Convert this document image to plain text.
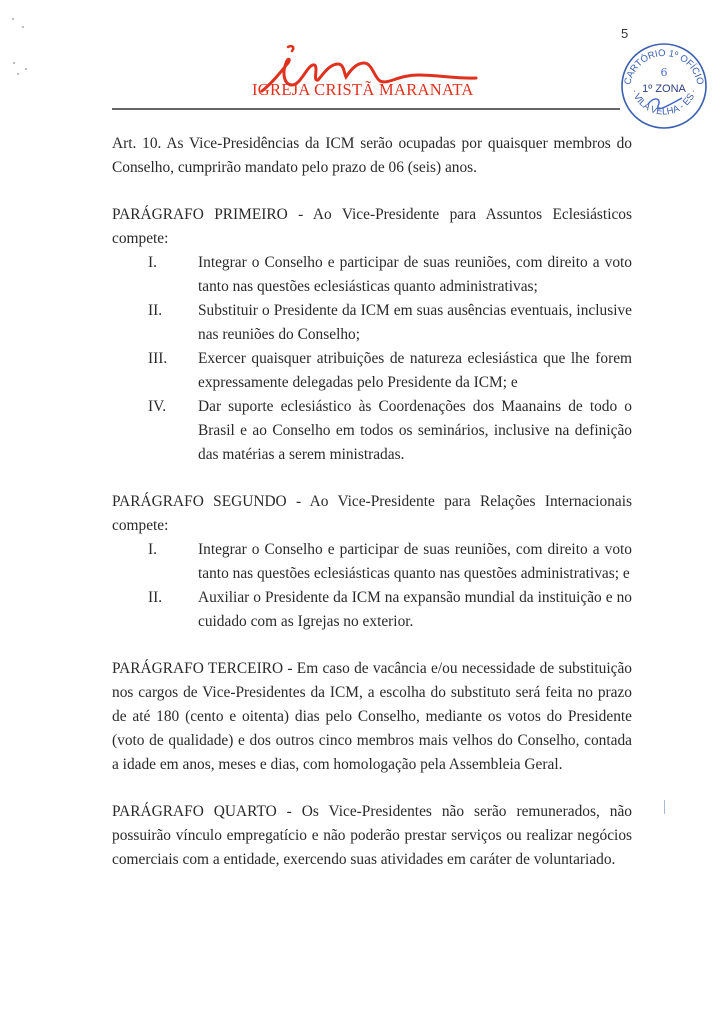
5
IGREJA CRISTÃ MARANATA	CARTÓRIO 1º OFÍCIO
· VILA VELHA - ES ·
1º ZONA
6

Art. 10. As Vice-Presidências da ICM serão ocupadas por quaisquer membros do Conselho, cumprirão mandato pelo prazo de 06 (seis) anos.

PARÁGRAFO PRIMEIRO - Ao Vice-Presidente para Assuntos Eclesiásticos compete:

I.	Integrar o Conselho e participar de suas reuniões, com direito a voto tanto nas questões eclesiásticas quanto administrativas;
II.	Substituir o Presidente da ICM em suas ausências eventuais, inclusive nas reuniões do Conselho;
III.	Exercer quaisquer atribuições de natureza eclesiástica que lhe forem expressamente delegadas pelo Presidente da ICM; e
IV.	Dar suporte eclesiástico às Coordenações dos Maanains de todo o Brasil e ao Conselho em todos os seminários, inclusive na definição das matérias a serem ministradas.

PARÁGRAFO SEGUNDO - Ao Vice-Presidente para Relações Internacionais compete:

I.	Integrar o Conselho e participar de suas reuniões, com direito a voto tanto nas questões eclesiásticas quanto nas questões administrativas; e
II.	Auxiliar o Presidente da ICM na expansão mundial da instituição e no cuidado com as Igrejas no exterior.

PARÁGRAFO TERCEIRO - Em caso de vacância e/ou necessidade de substituição nos cargos de Vice-Presidentes da ICM, a escolha do substituto será feita no prazo de até 180 (cento e oitenta) dias pelo Conselho, mediante os votos do Presidente (voto de qualidade) e dos outros cinco membros mais velhos do Conselho, contada a idade em anos, meses e dias, com homologação pela Assembleia Geral.

PARÁGRAFO QUARTO - Os Vice-Presidentes não serão remunerados, não possuirão vínculo empregatício e não poderão prestar serviços ou realizar negócios comerciais com a entidade, exercendo suas atividades em caráter de voluntariado.
